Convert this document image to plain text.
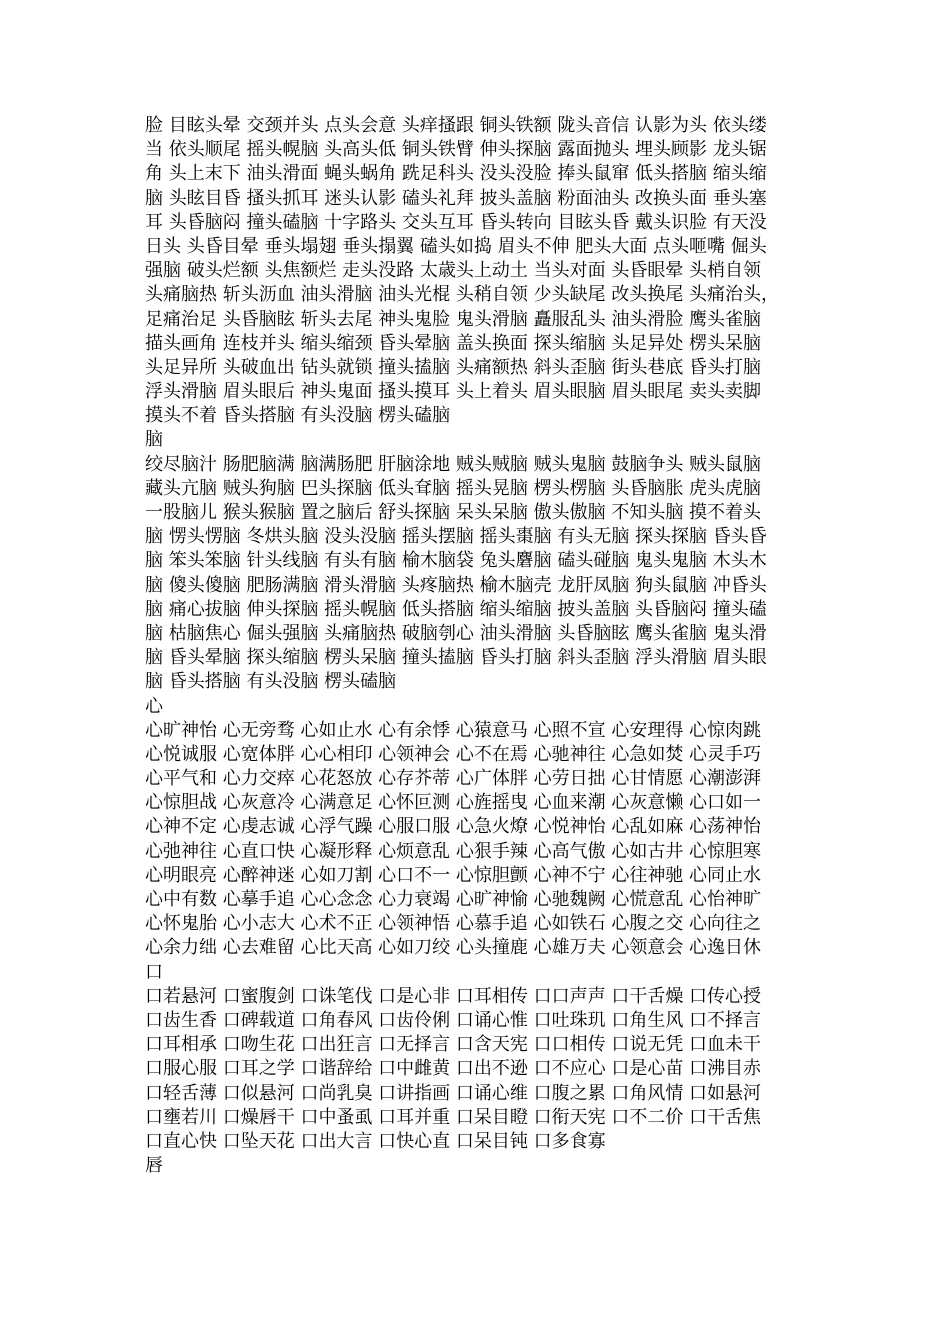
脸 目眩头晕 交颈并头 点头会意 头痒搔跟 铜头铁额 陇头音信 认影为头 依头缕
当 依头顺尾 摇头幌脑 头高头低 铜头铁臂 伸头探脑 露面抛头 埋头顾影 龙头锯
角 头上末下 油头滑面 蝇头蜗角 跣足科头 没头没脸 捧头鼠窜 低头搭脑 缩头缩
脑 头眩目昏 搔头抓耳 迷头认影 磕头礼拜 披头盖脑 粉面油头 改换头面 垂头塞
耳 头昏脑闷 撞头磕脑 十字路头 交头互耳 昏头转向 目眩头昏 戴头识脸 有天没
日头 头昏目晕 垂头塌翅 垂头搨翼 磕头如捣 眉头不伸 肥头大面 点头咂嘴 倔头
强脑 破头烂额 头焦额烂 走头没路 太歳头上动土 当头对面 头昏眼晕 头梢自领
头痛脑热 斩头沥血 油头滑脑 油头光棍 头稍自领 少头缺尾 改头换尾 头痛治头，
足痛治足 头昏脑眩 斩头去尾 神头鬼脸 鬼头滑脑 矗服乱头 油头滑脸 鹰头雀脑
描头画角 连枝并头 缩头缩颈 昏头晕脑 盖头换面 探头缩脑 头足异处 楞头呆脑
头足异所 头破血出 钻头就锁 撞头搕脑 头痛额热 斜头歪脑 街头巷底 昏头打脑
浮头滑脑 眉头眼后 神头鬼面 搔头摸耳 头上着头 眉头眼脑 眉头眼尾 卖头卖脚
摸头不着 昏头搭脑 有头没脑 楞头磕脑
脑
绞尽脑汁 肠肥脑满 脑满肠肥 肝脑涂地 贼头贼脑 贼头鬼脑 鼓脑争头 贼头鼠脑
藏头亢脑 贼头狗脑 巴头探脑 低头耷脑 摇头晃脑 楞头楞脑 头昏脑胀 虎头虎脑
一股脑儿 猴头猴脑 置之脑后 舒头探脑 呆头呆脑 傲头傲脑 不知头脑 摸不着头
脑 愣头愣脑 冬烘头脑 没头没脑 摇头摆脑 摇头棗脑 有头无脑 探头探脑 昏头昏
脑 笨头笨脑 针头线脑 有头有脑 榆木脑袋 兔头麏脑 磕头碰脑 鬼头鬼脑 木头木
脑 傻头傻脑 肥肠满脑 滑头滑脑 头疼脑热 榆木脑壳 龙肝凤脑 狗头鼠脑 冲昏头
脑 痛心拔脑 伸头探脑 摇头幌脑 低头搭脑 缩头缩脑 披头盖脑 头昏脑闷 撞头磕
脑 枯脑焦心 倔头强脑 头痛脑热 破脑刳心 油头滑脑 头昏脑眩 鹰头雀脑 鬼头滑
脑 昏头晕脑 探头缩脑 楞头呆脑 撞头搕脑 昏头打脑 斜头歪脑 浮头滑脑 眉头眼
脑 昏头搭脑 有头没脑 楞头磕脑
心
心旷神怡 心无旁骛 心如止水 心有余悸 心猿意马 心照不宣 心安理得 心惊肉跳
心悦诚服 心宽体胖 心心相印 心领神会 心不在焉 心驰神往 心急如焚 心灵手巧
心平气和 心力交瘁 心花怒放 心存芥蒂 心广体胖 心劳日拙 心甘情愿 心潮澎湃
心惊胆战 心灰意冷 心满意足 心怀叵测 心旌摇曳 心血来潮 心灰意懒 心口如一
心神不定 心虔志诚 心浮气躁 心服口服 心急火燎 心悦神怡 心乱如麻 心荡神怡
心弛神往 心直口快 心凝形释 心烦意乱 心狠手辣 心高气傲 心如古井 心惊胆寒
心明眼亮 心醉神迷 心如刀割 心口不一 心惊胆颤 心神不宁 心往神驰 心同止水
心中有数 心摹手追 心心念念 心力衰竭 心旷神愉 心驰魏阙 心慌意乱 心怡神旷
心怀鬼胎 心小志大 心术不正 心领神悟 心慕手追 心如铁石 心腹之交 心向往之
心余力绌 心去难留 心比天高 心如刀绞 心头撞鹿 心雄万夫 心领意会 心逸日休
口
口若悬河 口蜜腹剑 口诛笔伐 口是心非 口耳相传 口口声声 口干舌燥 口传心授
口齿生香 口碑载道 口角春风 口齿伶俐 口诵心惟 口吐珠玑 口角生风 口不择言
口耳相承 口吻生花 口出狂言 口无择言 口含天宪 口口相传 口说无凭 口血未干
口服心服 口耳之学 口谐辞给 口中雌黄 口出不逊 口不应心 口是心苗 口沸目赤
口轻舌薄 口似悬河 口尚乳臭 口讲指画 口诵心维 口腹之累 口角风情 口如悬河
口壅若川 口燥唇干 口中蚤虱 口耳并重 口呆目瞪 口衔天宪 口不二价 口干舌焦
口直心快 口坠天花 口出大言 口快心直 口呆目钝 口多食寡
唇
